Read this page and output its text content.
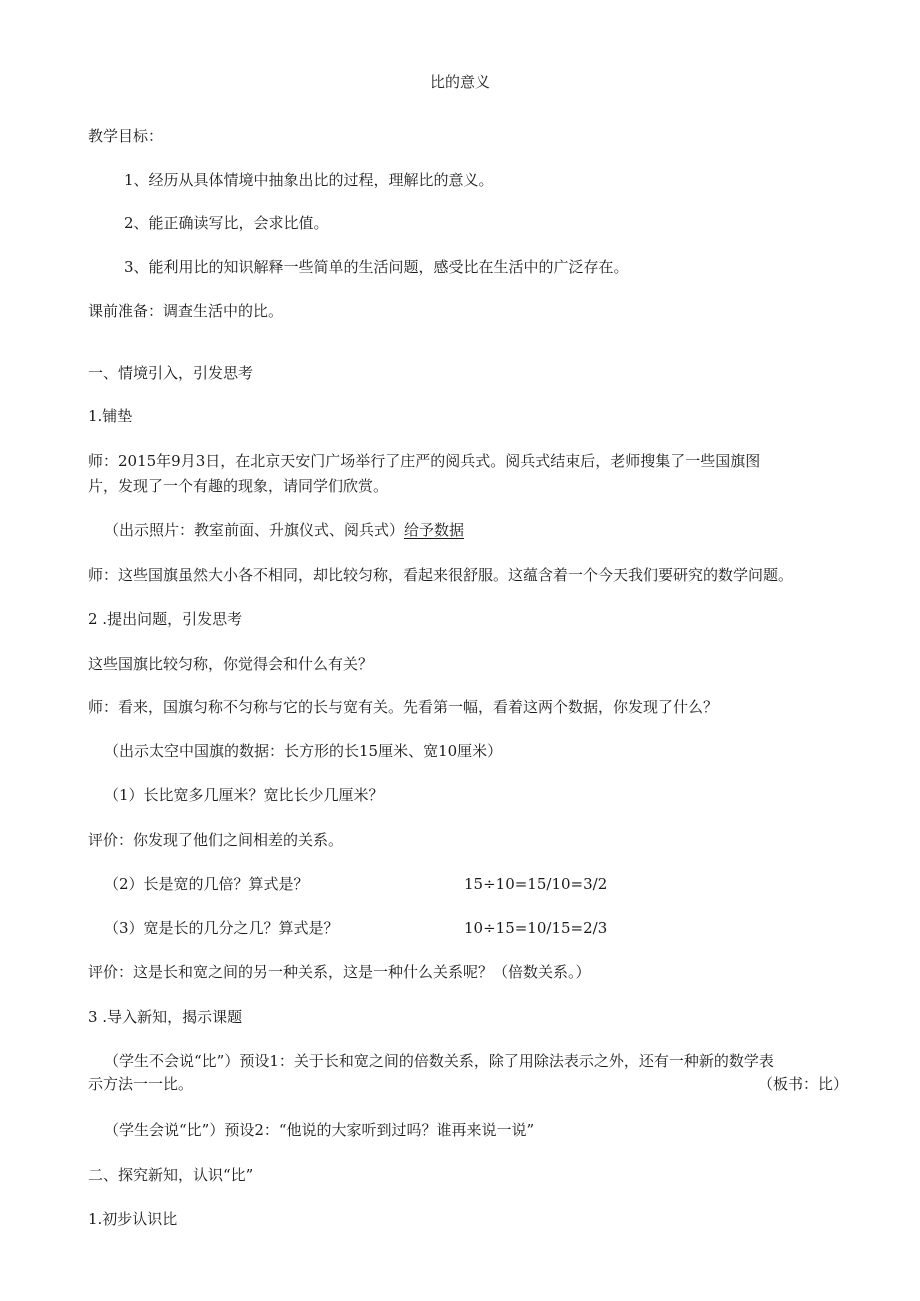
比的意义
教学目标：
1、经历从具体情境中抽象出比的过程，理解比的意义。
2、能正确读写比，会求比值。
3、能利用比的知识解释一些简单的生活问题，感受比在生活中的广泛存在。
课前准备：调查生活中的比。
一、情境引入，引发思考
1.铺垫
师：2015年9月3日，在北京天安门广场举行了庄严的阅兵式。阅兵式结束后，老师搜集了一些国旗图
片，发现了一个有趣的现象，请同学们欣赏。
（出示照片：教室前面、升旗仪式、阅兵式）给予数据
师：这些国旗虽然大小各不相同，却比较匀称，看起来很舒服。这蕴含着一个今天我们要研究的数学问题。
2 .提出问题，引发思考
这些国旗比较匀称，你觉得会和什么有关？
师：看来，国旗匀称不匀称与它的长与宽有关。先看第一幅，看着这两个数据，你发现了什么？
（出示太空中国旗的数据：长方形的长15厘米、宽10厘米）
（1）长比宽多几厘米？宽比长少几厘米？
评价：你发现了他们之间相差的关系。
（2）长是宽的几倍？算式是？	15÷10=15/10=3/2
（3）宽是长的几分之几？算式是？	10÷15=10/15=2/3
评价：这是长和宽之间的另一种关系，这是一种什么关系呢？（倍数关系。）
3 .导入新知，揭示课题
（学生不会说“比”）预设1：关于长和宽之间的倍数关系，除了用除法表示之外，还有一种新的数学表
示方法一一比。	（板书：比）
（学生会说“比”）预设2：“他说的大家听到过吗？谁再来说一说”
二、探究新知，认识“比”
1.初步认识比
